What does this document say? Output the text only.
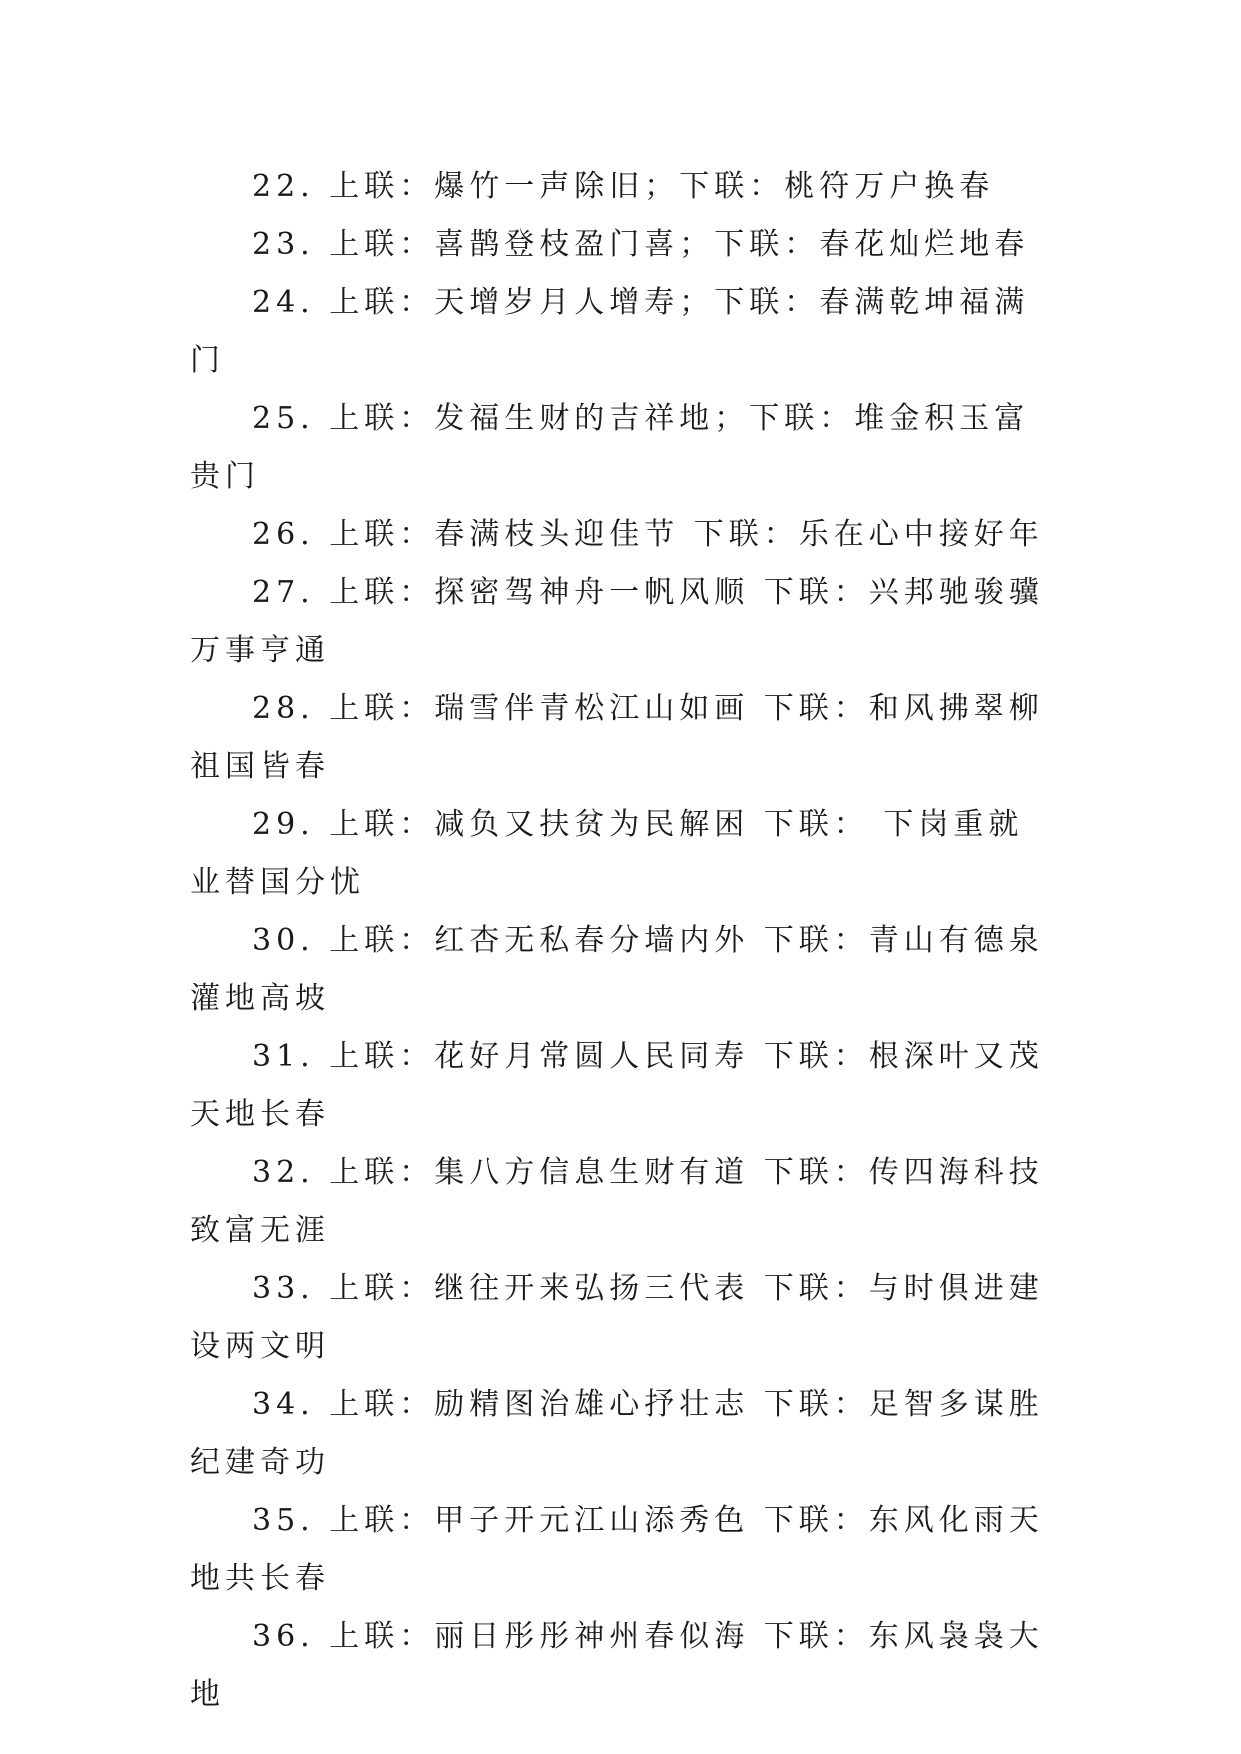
22. 上联：爆竹一声除旧；下联：桃符万户换春

23. 上联：喜鹊登枝盈门喜；下联：春花灿烂地春

24. 上联：天增岁月人增寿；下联：春满乾坤福满门

25. 上联：发福生财的吉祥地；下联：堆金积玉富贵门

26. 上联：春满枝头迎佳节 下联：乐在心中接好年

27. 上联：探密驾神舟一帆风顺 下联：兴邦驰骏骥万事亨通

28. 上联：瑞雪伴青松江山如画 下联：和风拂翠柳祖国皆春

29. 上联：减负又扶贫为民解困 下联： 下岗重就业替国分忧

30. 上联：红杏无私春分墙内外 下联：青山有德泉灌地高坡

31. 上联：花好月常圆人民同寿 下联：根深叶又茂天地长春

32. 上联：集八方信息生财有道 下联：传四海科技致富无涯

33. 上联：继往开来弘扬三代表 下联：与时俱进建设两文明

34. 上联：励精图治雄心抒壮志 下联：足智多谋胜纪建奇功

35. 上联：甲子开元江山添秀色 下联：东风化雨天地共长春

36. 上联：丽日彤彤神州春似海 下联：东风袅袅大地
